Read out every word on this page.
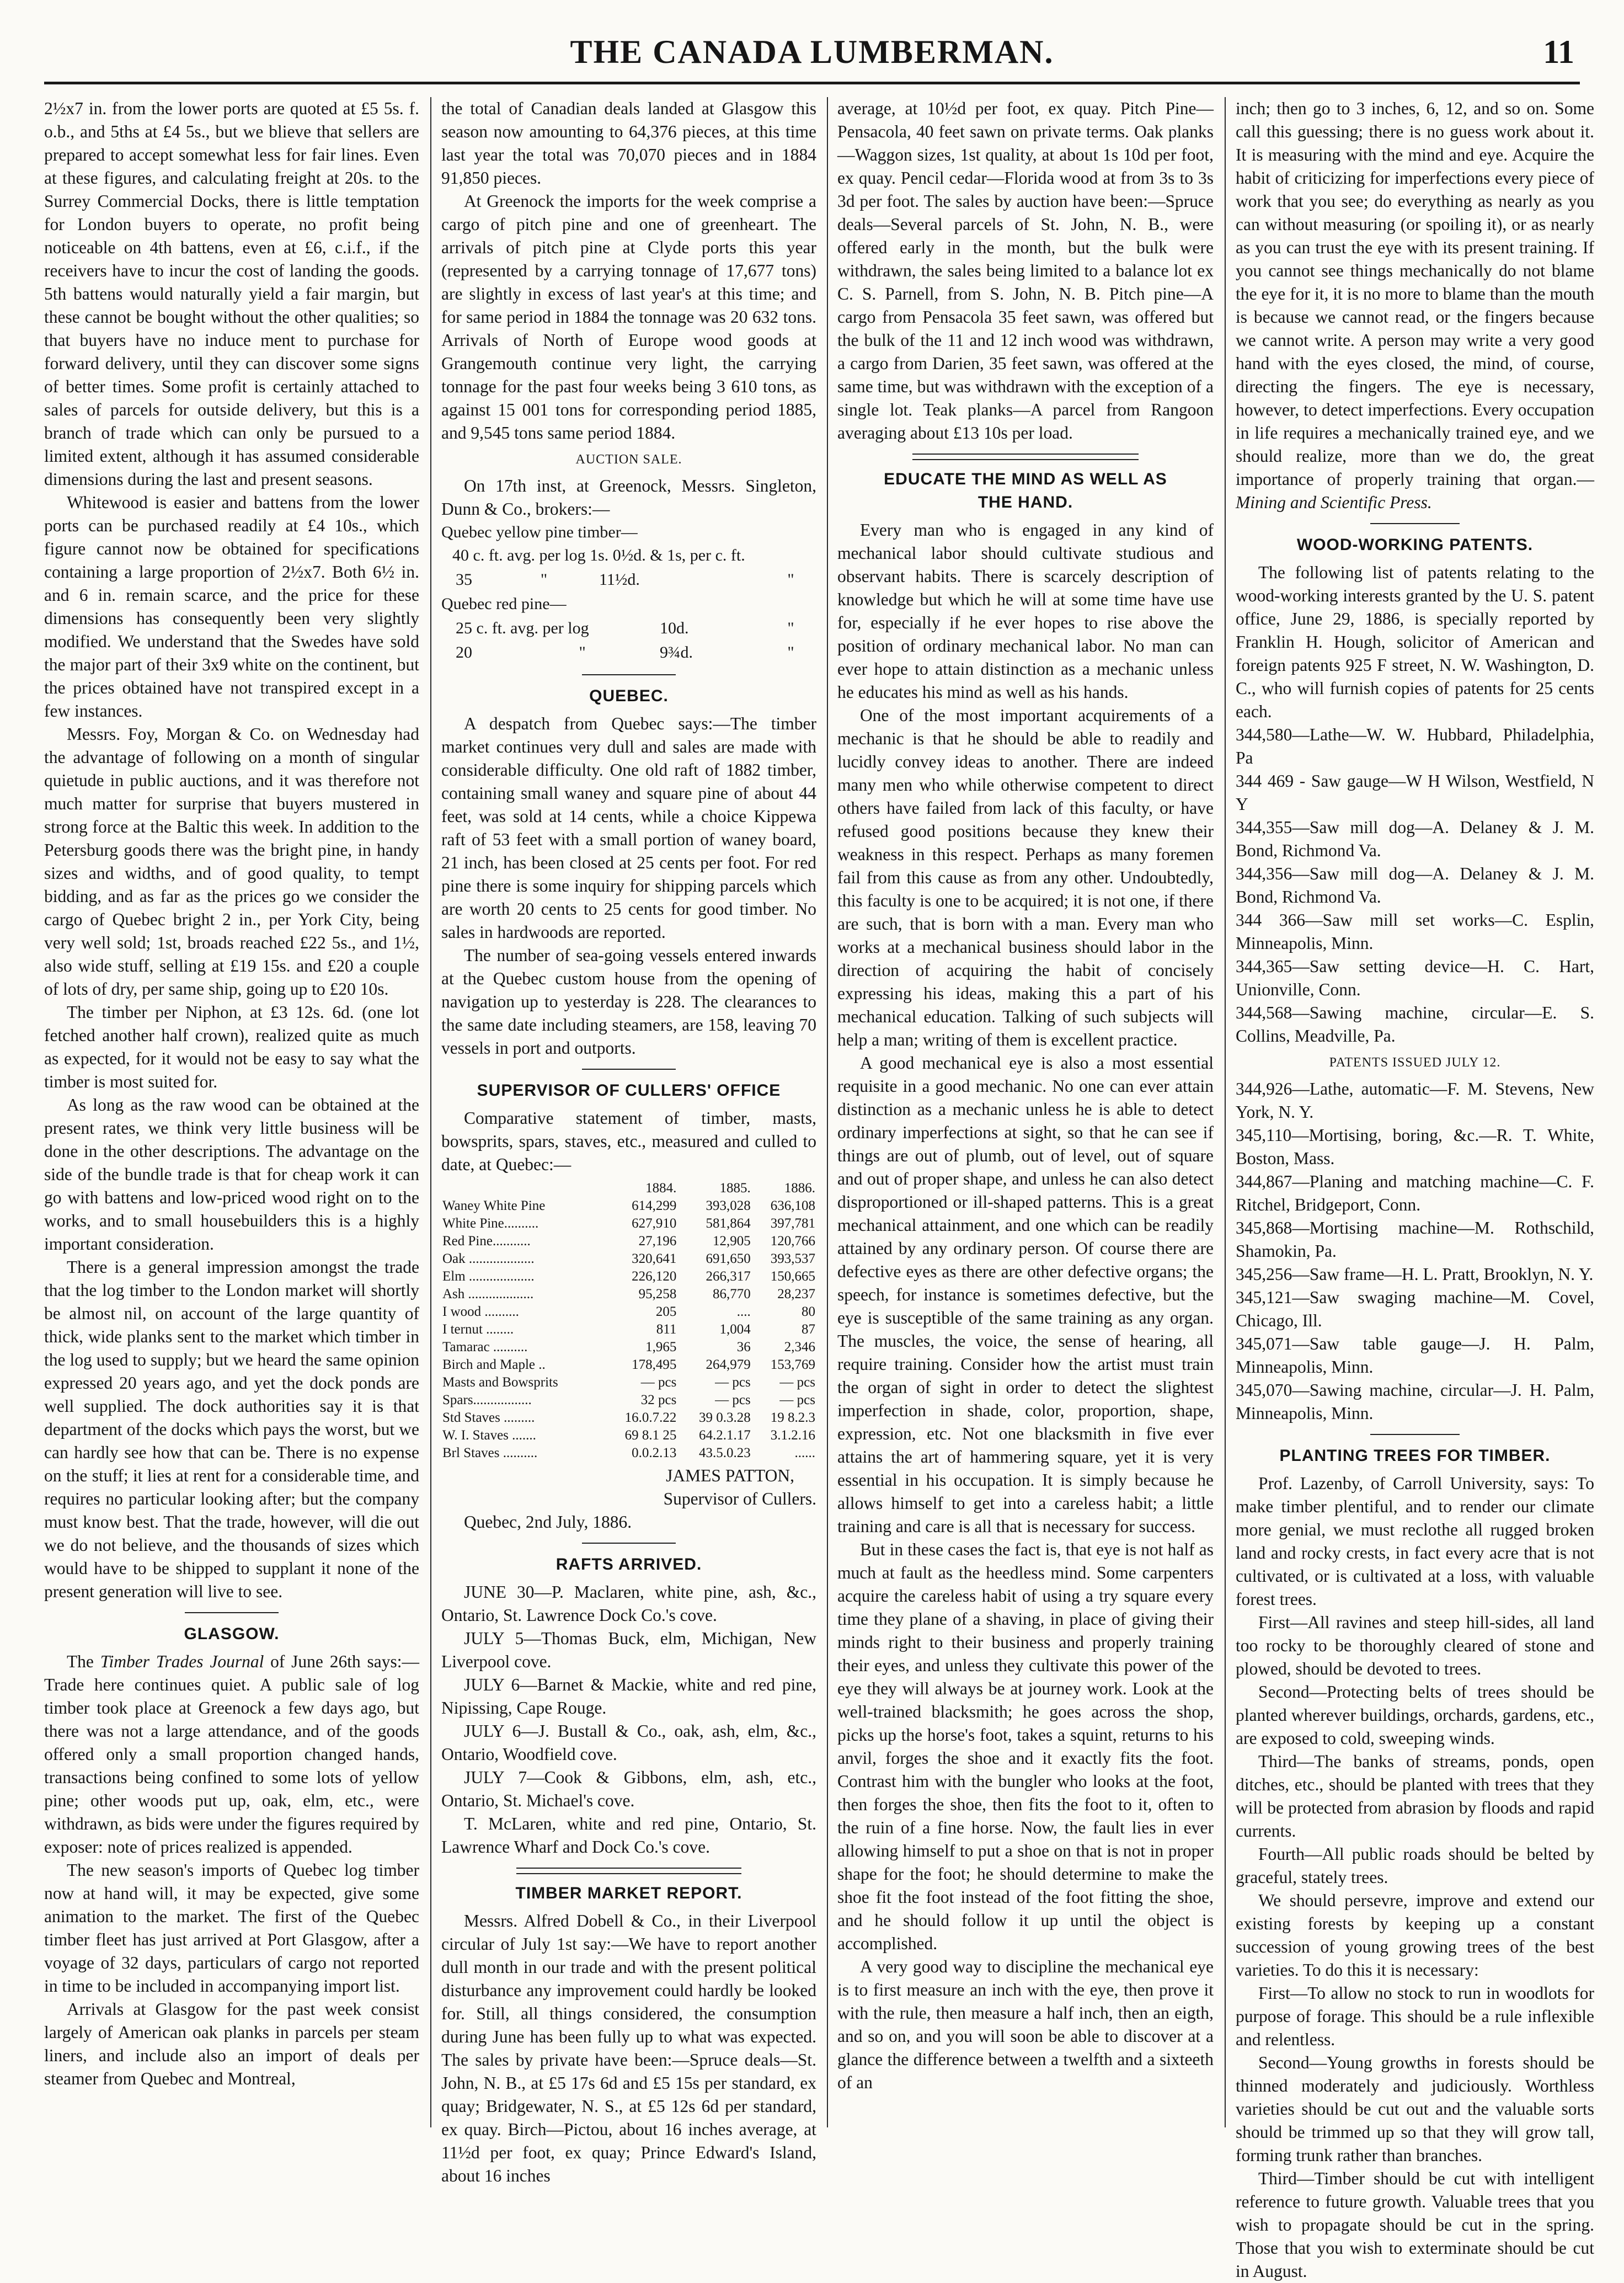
THE CANADA LUMBERMAN.	11

2½x7 in. from the lower ports are quoted at £5 5s. f. o.b., and 5ths at £4 5s., but we blieve that sellers are prepared to accept somewhat less for fair lines. Even at these figures, and calculating freight at 20s. to the Surrey Commercial Docks, there is little temptation for London buyers to operate, no profit being noticeable on 4th battens, even at £6, c.i.f., if the receivers have to incur the cost of landing the goods. 5th battens would naturally yield a fair margin, but these cannot be bought without the other qualities; so that buyers have no induce ment to purchase for forward delivery, until they can discover some signs of better times. Some profit is certainly attached to sales of parcels for outside delivery, but this is a branch of trade which can only be pursued to a limited extent, although it has assumed considerable dimensions during the last and present seasons.

Whitewood is easier and battens from the lower ports can be purchased readily at £4 10s., which figure cannot now be obtained for specifications containing a large proportion of 2½x7. Both 6½ in. and 6 in. remain scarce, and the price for these dimensions has consequently been very slightly modified. We understand that the Swedes have sold the major part of their 3x9 white on the continent, but the prices obtained have not transpired except in a few instances.

Messrs. Foy, Morgan & Co. on Wednesday had the advantage of following on a month of singular quietude in public auctions, and it was therefore not much matter for surprise that buyers mustered in strong force at the Baltic this week. In addition to the Petersburg goods there was the bright pine, in handy sizes and widths, and of good quality, to tempt bidding, and as far as the prices go we consider the cargo of Quebec bright 2 in., per York City, being very well sold; 1st, broads reached £22 5s., and 1½, also wide stuff, selling at £19 15s. and £20 a couple of lots of dry, per same ship, going up to £20 10s.

The timber per Niphon, at £3 12s. 6d. (one lot fetched another half crown), realized quite as much as expected, for it would not be easy to say what the timber is most suited for.

As long as the raw wood can be obtained at the present rates, we think very little business will be done in the other descriptions. The advantage on the side of the bundle trade is that for cheap work it can go with battens and low-priced wood right on to the works, and to small housebuilders this is a highly important consideration.

There is a general impression amongst the trade that the log timber to the London market will shortly be almost nil, on account of the large quantity of thick, wide planks sent to the market which timber in the log used to supply; but we heard the same opinion expressed 20 years ago, and yet the dock ponds are well supplied. The dock authorities say it is that department of the docks which pays the worst, but we can hardly see how that can be. There is no expense on the stuff; it lies at rent for a considerable time, and requires no particular looking after; but the company must know best. That the trade, however, will die out we do not believe, and the thousands of sizes which would have to be shipped to supplant it none of the present generation will live to see.

GLASGOW.

The Timber Trades Journal of June 26th says:—Trade here continues quiet. A public sale of log timber took place at Greenock a few days ago, but there was not a large attendance, and of the goods offered only a small proportion changed hands, transactions being confined to some lots of yellow pine; other woods put up, oak, elm, etc., were withdrawn, as bids were under the figures required by exposer: note of prices realized is appended.

The new season's imports of Quebec log timber now at hand will, it may be expected, give some animation to the market. The first of the Quebec timber fleet has just arrived at Port Glasgow, after a voyage of 32 days, particulars of cargo not reported in time to be included in accompanying import list.

Arrivals at Glasgow for the past week consist largely of American oak planks in parcels per steam liners, and include also an import of deals per steamer from Quebec and Montreal,

the total of Canadian deals landed at Glasgow this season now amounting to 64,376 pieces, at this time last year the total was 70,070 pieces and in 1884 91,850 pieces.

At Greenock the imports for the week comprise a cargo of pitch pine and one of greenheart. The arrivals of pitch pine at Clyde ports this year (represented by a carrying tonnage of 17,677 tons) are slightly in excess of last year's at this time; and for same period in 1884 the tonnage was 20 632 tons. Arrivals of North of Europe wood goods at Grangemouth continue very light, the carrying tonnage for the past four weeks being 3 610 tons, as against 15 001 tons for corresponding period 1885, and 9,545 tons same period 1884.

AUCTION SALE.

On 17th inst, at Greenock, Messrs. Singleton, Dunn & Co., brokers:—

Quebec yellow pine timber—

40 c. ft. avg. per log 1s. 0½d. & 1s, per c. ft.

35	"	11½d.	"

Quebec red pine—

25 c. ft. avg. per log		10d.	"
20	"	9¾d.	"
QUEBEC.

A despatch from Quebec says:—The timber market continues very dull and sales are made with considerable difficulty. One old raft of 1882 timber, containing small waney and square pine of about 44 feet, was sold at 14 cents, while a choice Kippewa raft of 53 feet with a small portion of waney board, 21 inch, has been closed at 25 cents per foot. For red pine there is some inquiry for shipping parcels which are worth 20 cents to 25 cents for good timber. No sales in hardwoods are reported.

The number of sea-going vessels entered inwards at the Quebec custom house from the opening of navigation up to yesterday is 228. The clearances to the same date including steamers, are 158, leaving 70 vessels in port and outports.

SUPERVISOR OF CULLERS' OFFICE

Comparative statement of timber, masts, bowsprits, spars, staves, etc., measured and culled to date, at Quebec:—

	1884.	1885.	1886.
Waney White Pine	614,299	393,028	636,108
White Pine..........	627,910	581,864	397,781
Red Pine...........	27,196	12,905	120,766
Oak ...................	320,641	691,650	393,537
Elm ...................	226,120	266,317	150,665
Ash ...................	95,258	86,770	28,237
I wood ..........	205	....	80
I ternut ........	811	1,004	87
Tamarac ..........	1,965	36	2,346
Birch and Maple ..	178,495	264,979	153,769
Masts and Bowsprits	— pcs	— pcs	— pcs
Spars.................	32 pcs	— pcs	— pcs
Std Staves .........	16.0.7.22	39 0.3.28	19 8.2.3
W. I. Staves .......	69 8.1 25	64.2.1.17	3.1.2.16
Brl Staves ..........	0.0.2.13	43.5.0.23	......

JAMES PATTON,

Supervisor of Cullers.

Quebec, 2nd July, 1886.

RAFTS ARRIVED.

JUNE 30—P. Maclaren, white pine, ash, &c., Ontario, St. Lawrence Dock Co.'s cove.

JULY 5—Thomas Buck, elm, Michigan, New Liverpool cove.

JULY 6—Barnet & Mackie, white and red pine, Nipissing, Cape Rouge.

JULY 6—J. Bustall & Co., oak, ash, elm, &c., Ontario, Woodfield cove.

JULY 7—Cook & Gibbons, elm, ash, etc., Ontario, St. Michael's cove.

T. McLaren, white and red pine, Ontario, St. Lawrence Wharf and Dock Co.'s cove.

TIMBER MARKET REPORT.

Messrs. Alfred Dobell & Co., in their Liverpool circular of July 1st say:—We have to report another dull month in our trade and with the present political disturbance any improvement could hardly be looked for. Still, all things considered, the consumption during June has been fully up to what was expected. The sales by private have been:—Spruce deals—St. John, N. B., at £5 17s 6d and £5 15s per standard, ex quay; Bridgewater, N. S., at £5 12s 6d per standard, ex quay. Birch—Pictou, about 16 inches average, at 11½d per foot, ex quay; Prince Edward's Island, about 16 inches

average, at 10½d per foot, ex quay. Pitch Pine—Pensacola, 40 feet sawn on private terms. Oak planks—Waggon sizes, 1st quality, at about 1s 10d per foot, ex quay. Pencil cedar—Florida wood at from 3s to 3s 3d per foot. The sales by auction have been:—Spruce deals—Several parcels of St. John, N. B., were offered early in the month, but the bulk were withdrawn, the sales being limited to a balance lot ex C. S. Parnell, from S. John, N. B. Pitch pine—A cargo from Pensacola 35 feet sawn, was offered but the bulk of the 11 and 12 inch wood was withdrawn, a cargo from Darien, 35 feet sawn, was offered at the same time, but was withdrawn with the exception of a single lot. Teak planks—A parcel from Rangoon averaging about £13 10s per load.

EDUCATE THE MIND AS WELL AS
THE HAND.

Every man who is engaged in any kind of mechanical labor should cultivate studious and observant habits. There is scarcely description of knowledge but which he will at some time have use for, especially if he ever hopes to rise above the position of ordinary mechanical labor. No man can ever hope to attain distinction as a mechanic unless he educates his mind as well as his hands.

One of the most important acquirements of a mechanic is that he should be able to readily and lucidly convey ideas to another. There are indeed many men who while otherwise competent to direct others have failed from lack of this faculty, or have refused good positions because they knew their weakness in this respect. Perhaps as many foremen fail from this cause as from any other. Undoubtedly, this faculty is one to be acquired; it is not one, if there are such, that is born with a man. Every man who works at a mechanical business should labor in the direction of acquiring the habit of concisely expressing his ideas, making this a part of his mechanical education. Talking of such subjects will help a man; writing of them is excellent practice.

A good mechanical eye is also a most essential requisite in a good mechanic. No one can ever attain distinction as a mechanic unless he is able to detect ordinary imperfections at sight, so that he can see if things are out of plumb, out of level, out of square and out of proper shape, and unless he can also detect disproportioned or ill-shaped patterns. This is a great mechanical attainment, and one which can be readily attained by any ordinary person. Of course there are defective eyes as there are other defective organs; the speech, for instance is sometimes defective, but the eye is susceptible of the same training as any organ. The muscles, the voice, the sense of hearing, all require training. Consider how the artist must train the organ of sight in order to detect the slightest imperfection in shade, color, proportion, shape, expression, etc. Not one blacksmith in five ever attains the art of hammering square, yet it is very essential in his occupation. It is simply because he allows himself to get into a careless habit; a little training and care is all that is necessary for success.

But in these cases the fact is, that eye is not half as much at fault as the heedless mind. Some carpenters acquire the careless habit of using a try square every time they plane of a shaving, in place of giving their minds right to their business and properly training their eyes, and unless they cultivate this power of the eye they will always be at journey work. Look at the well-trained blacksmith; he goes across the shop, picks up the horse's foot, takes a squint, returns to his anvil, forges the shoe and it exactly fits the foot. Contrast him with the bungler who looks at the foot, then forges the shoe, then fits the foot to it, often to the ruin of a fine horse. Now, the fault lies in ever allowing himself to put a shoe on that is not in proper shape for the foot; he should determine to make the shoe fit the foot instead of the foot fitting the shoe, and he should follow it up until the object is accomplished.

A very good way to discipline the mechanical eye is to first measure an inch with the eye, then prove it with the rule, then measure a half inch, then an eigth, and so on, and you will soon be able to discover at a glance the difference between a twelfth and a sixteeth of an

inch; then go to 3 inches, 6, 12, and so on. Some call this guessing; there is no guess work about it. It is measuring with the mind and eye. Acquire the habit of criticizing for imperfections every piece of work that you see; do everything as nearly as you can without measuring (or spoiling it), or as nearly as you can trust the eye with its present training. If you cannot see things mechanically do not blame the eye for it, it is no more to blame than the mouth is because we cannot read, or the fingers because we cannot write. A person may write a very good hand with the eyes closed, the mind, of course, directing the fingers. The eye is necessary, however, to detect imperfections. Every occupation in life requires a mechanically trained eye, and we should realize, more than we do, the great importance of properly training that organ.—Mining and Scientific Press.

WOOD-WORKING PATENTS.

The following list of patents relating to the wood-working interests granted by the U. S. patent office, June 29, 1886, is specially reported by Franklin H. Hough, solicitor of American and foreign patents 925 F street, N. W. Washington, D. C., who will furnish copies of patents for 25 cents each.

344,580—Lathe—W. W. Hubbard, Philadelphia, Pa

344 469 - Saw gauge—W H Wilson, Westfield, N Y

344,355—Saw mill dog—A. Delaney & J. M. Bond, Richmond Va.

344,356—Saw mill dog—A. Delaney & J. M. Bond, Richmond Va.

344 366—Saw mill set works—C. Esplin, Minneapolis, Minn.

344,365—Saw setting device—H. C. Hart, Unionville, Conn.

344,568—Sawing machine, circular—E. S. Collins, Meadville, Pa.

PATENTS ISSUED JULY 12.

344,926—Lathe, automatic—F. M. Stevens, New York, N. Y.

345,110—Mortising, boring, &c.—R. T. White, Boston, Mass.

344,867—Planing and matching machine—C. F. Ritchel, Bridgeport, Conn.

345,868—Mortising machine—M. Rothschild, Shamokin, Pa.

345,256—Saw frame—H. L. Pratt, Brooklyn, N. Y.

345,121—Saw swaging machine—M. Covel, Chicago, Ill.

345,071—Saw table gauge—J. H. Palm, Minneapolis, Minn.

345,070—Sawing machine, circular—J. H. Palm, Minneapolis, Minn.

PLANTING TREES FOR TIMBER.

Prof. Lazenby, of Carroll University, says: To make timber plentiful, and to render our climate more genial, we must reclothe all rugged broken land and rocky crests, in fact every acre that is not cultivated, or is cultivated at a loss, with valuable forest trees.

First—All ravines and steep hill-sides, all land too rocky to be thoroughly cleared of stone and plowed, should be devoted to trees.

Second—Protecting belts of trees should be planted wherever buildings, orchards, gardens, etc., are exposed to cold, sweeping winds.

Third—The banks of streams, ponds, open ditches, etc., should be planted with trees that they will be protected from abrasion by floods and rapid currents.

Fourth—All public roads should be belted by graceful, stately trees.

We should persevre, improve and extend our existing forests by keeping up a constant succession of young growing trees of the best varieties. To do this it is necessary:

First—To allow no stock to run in woodlots for purpose of forage. This should be a rule inflexible and relentless.

Second—Young growths in forests should be thinned moderately and judiciously. Worthless varieties should be cut out and the valuable sorts should be trimmed up so that they will grow tall, forming trunk rather than branches.

Third—Timber should be cut with intelligent reference to future growth. Valuable trees that you wish to propagate should be cut in the spring. Those that you wish to exterminate should be cut in August.
